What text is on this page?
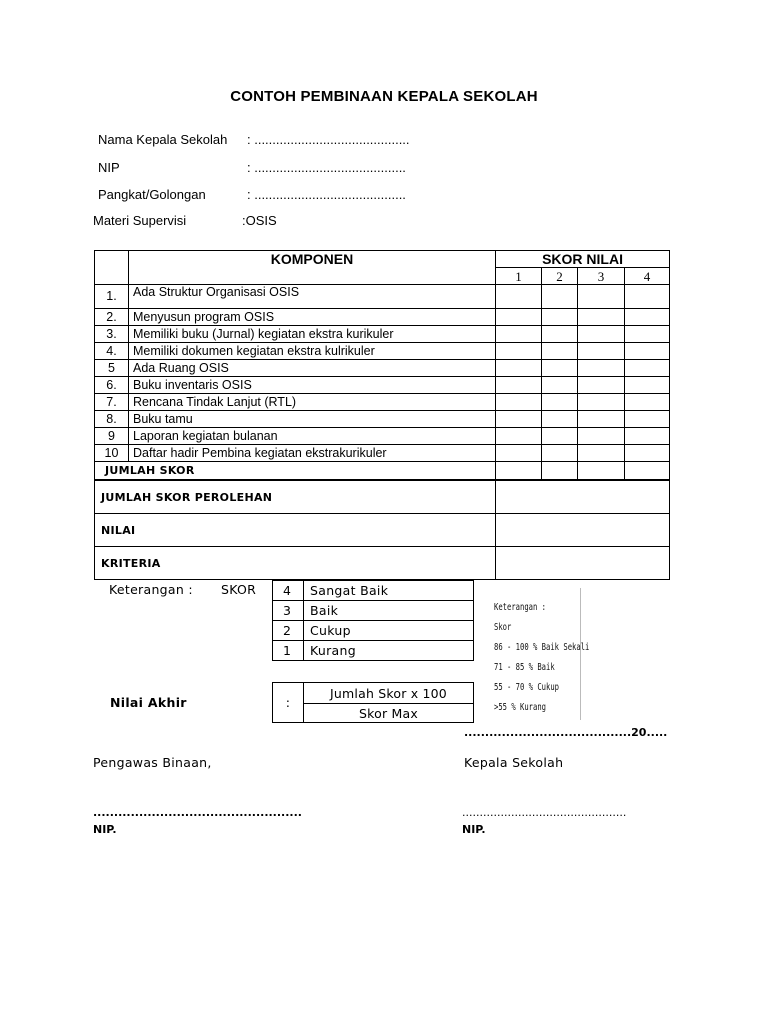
CONTOH PEMBINAAN KEPALA SEKOLAH
Nama Kepala Sekolah : ...........................................
NIP	: ..........................................
Pangkat/Golongan	: ..........................................
Materi Supervisi	:OSIS
	KOMPONEN	SKOR NILAI			
		1	2	3	4
1.	Ada Struktur Organisasi OSIS				
2.	Menyusun program OSIS				
3.	Memiliki buku (Jurnal) kegiatan ekstra kurikuler				
4.	Memiliki dokumen kegiatan ekstra kulrikuler				
5	Ada Ruang OSIS				
6.	Buku inventaris OSIS				
7.	Rencana Tindak Lanjut (RTL)				
8.	Buku tamu				
9	Laporan kegiatan bulanan				
10	Daftar hadir Pembina kegiatan ekstrakurikuler				
JUMLAH SKOR					
JUMLAH SKOR PEROLEHAN	
NILAI	
KRITERIA	
Keterangan : SKOR 4	Sangat Baik
3	Baik
2	Cukup
1	Kurang
Keterangan :
Skor
86 - 100 % Baik Sekali
71 - 85 % Baik
55 - 70 % Cukup
>55 % Kurang
Nilai Akhir	:	Jumlah Skor x 100
Skor Max
........................................20.....
Pengawas Binaan,	Kepala Sekolah
..................................................	...............................................
NIP.	NIP.
